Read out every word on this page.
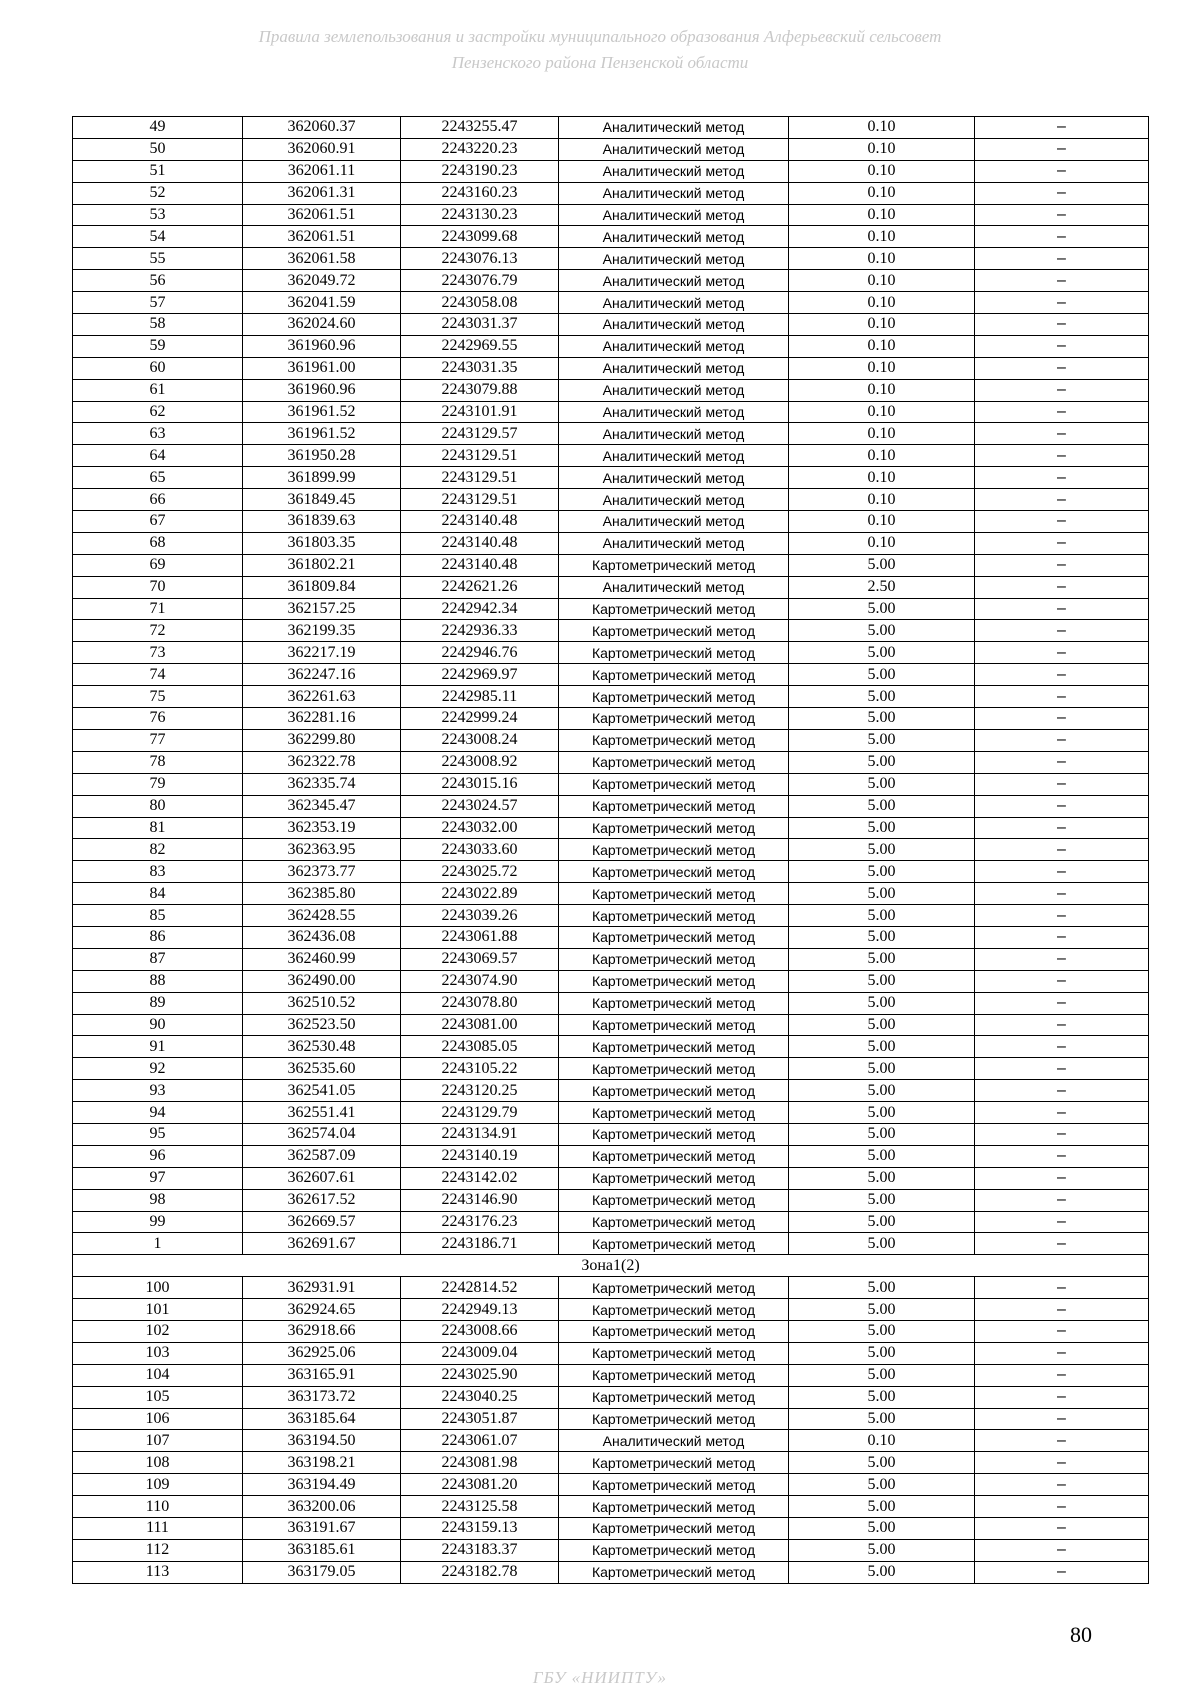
Правила землепользования и застройки муниципального образования Алферьевский сельсовет
Пензенского района Пензенской области
49	362060.37	2243255.47	Аналитический метод	0.10	–
50	362060.91	2243220.23	Аналитический метод	0.10	–
51	362061.11	2243190.23	Аналитический метод	0.10	–
52	362061.31	2243160.23	Аналитический метод	0.10	–
53	362061.51	2243130.23	Аналитический метод	0.10	–
54	362061.51	2243099.68	Аналитический метод	0.10	–
55	362061.58	2243076.13	Аналитический метод	0.10	–
56	362049.72	2243076.79	Аналитический метод	0.10	–
57	362041.59	2243058.08	Аналитический метод	0.10	–
58	362024.60	2243031.37	Аналитический метод	0.10	–
59	361960.96	2242969.55	Аналитический метод	0.10	–
60	361961.00	2243031.35	Аналитический метод	0.10	–
61	361960.96	2243079.88	Аналитический метод	0.10	–
62	361961.52	2243101.91	Аналитический метод	0.10	–
63	361961.52	2243129.57	Аналитический метод	0.10	–
64	361950.28	2243129.51	Аналитический метод	0.10	–
65	361899.99	2243129.51	Аналитический метод	0.10	–
66	361849.45	2243129.51	Аналитический метод	0.10	–
67	361839.63	2243140.48	Аналитический метод	0.10	–
68	361803.35	2243140.48	Аналитический метод	0.10	–
69	361802.21	2243140.48	Картометрический метод	5.00	–
70	361809.84	2242621.26	Аналитический метод	2.50	–
71	362157.25	2242942.34	Картометрический метод	5.00	–
72	362199.35	2242936.33	Картометрический метод	5.00	–
73	362217.19	2242946.76	Картометрический метод	5.00	–
74	362247.16	2242969.97	Картометрический метод	5.00	–
75	362261.63	2242985.11	Картометрический метод	5.00	–
76	362281.16	2242999.24	Картометрический метод	5.00	–
77	362299.80	2243008.24	Картометрический метод	5.00	–
78	362322.78	2243008.92	Картометрический метод	5.00	–
79	362335.74	2243015.16	Картометрический метод	5.00	–
80	362345.47	2243024.57	Картометрический метод	5.00	–
81	362353.19	2243032.00	Картометрический метод	5.00	–
82	362363.95	2243033.60	Картометрический метод	5.00	–
83	362373.77	2243025.72	Картометрический метод	5.00	–
84	362385.80	2243022.89	Картометрический метод	5.00	–
85	362428.55	2243039.26	Картометрический метод	5.00	–
86	362436.08	2243061.88	Картометрический метод	5.00	–
87	362460.99	2243069.57	Картометрический метод	5.00	–
88	362490.00	2243074.90	Картометрический метод	5.00	–
89	362510.52	2243078.80	Картометрический метод	5.00	–
90	362523.50	2243081.00	Картометрический метод	5.00	–
91	362530.48	2243085.05	Картометрический метод	5.00	–
92	362535.60	2243105.22	Картометрический метод	5.00	–
93	362541.05	2243120.25	Картометрический метод	5.00	–
94	362551.41	2243129.79	Картометрический метод	5.00	–
95	362574.04	2243134.91	Картометрический метод	5.00	–
96	362587.09	2243140.19	Картометрический метод	5.00	–
97	362607.61	2243142.02	Картометрический метод	5.00	–
98	362617.52	2243146.90	Картометрический метод	5.00	–
99	362669.57	2243176.23	Картометрический метод	5.00	–
1	362691.67	2243186.71	Картометрический метод	5.00	–
Зона1(2)					
100	362931.91	2242814.52	Картометрический метод	5.00	–
101	362924.65	2242949.13	Картометрический метод	5.00	–
102	362918.66	2243008.66	Картометрический метод	5.00	–
103	362925.06	2243009.04	Картометрический метод	5.00	–
104	363165.91	2243025.90	Картометрический метод	5.00	–
105	363173.72	2243040.25	Картометрический метод	5.00	–
106	363185.64	2243051.87	Картометрический метод	5.00	–
107	363194.50	2243061.07	Аналитический метод	0.10	–
108	363198.21	2243081.98	Картометрический метод	5.00	–
109	363194.49	2243081.20	Картометрический метод	5.00	–
110	363200.06	2243125.58	Картометрический метод	5.00	–
111	363191.67	2243159.13	Картометрический метод	5.00	–
112	363185.61	2243183.37	Картометрический метод	5.00	–
113	363179.05	2243182.78	Картометрический метод	5.00	–
80
ГБУ «НИИПТУ»
